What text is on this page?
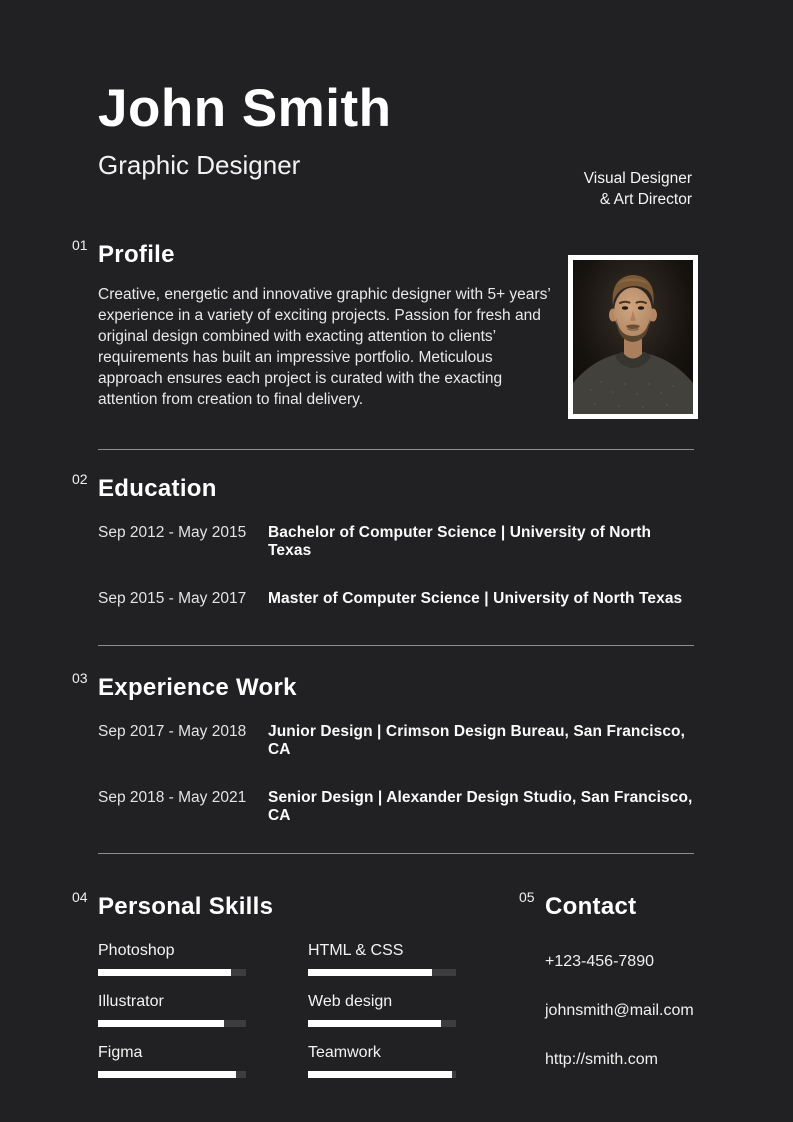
John Smith
Graphic Designer	Visual Designer
& Art Director
01 Profile

Creative, energetic and innovative graphic designer with 5+ years’ experience in a variety of exciting projects. Passion for fresh and original design combined with exacting attention to clients’ requirements has built an impressive portfolio. Meticulous approach ensures each project is curated with the exacting attention from creation to final delivery.

02 Education
Sep 2012 - May 2015 Bachelor of Computer Science | University of North Texas
Sep 2015 - May 2017 Master of Computer Science | University of North Texas
03 Experience Work
Sep 2017 - May 2018 Junior Design | Crimson Design Bureau, San Francisco, CA
Sep 2018 - May 2021 Senior Design | Alexander Design Studio, San Francisco, CA
04 Personal Skills
Photoshop
Illustrator
Figma
HTML & CSS
Web design
Teamwork
05 Contact
+123-456-7890
johnsmith@mail.com
http://smith.com
